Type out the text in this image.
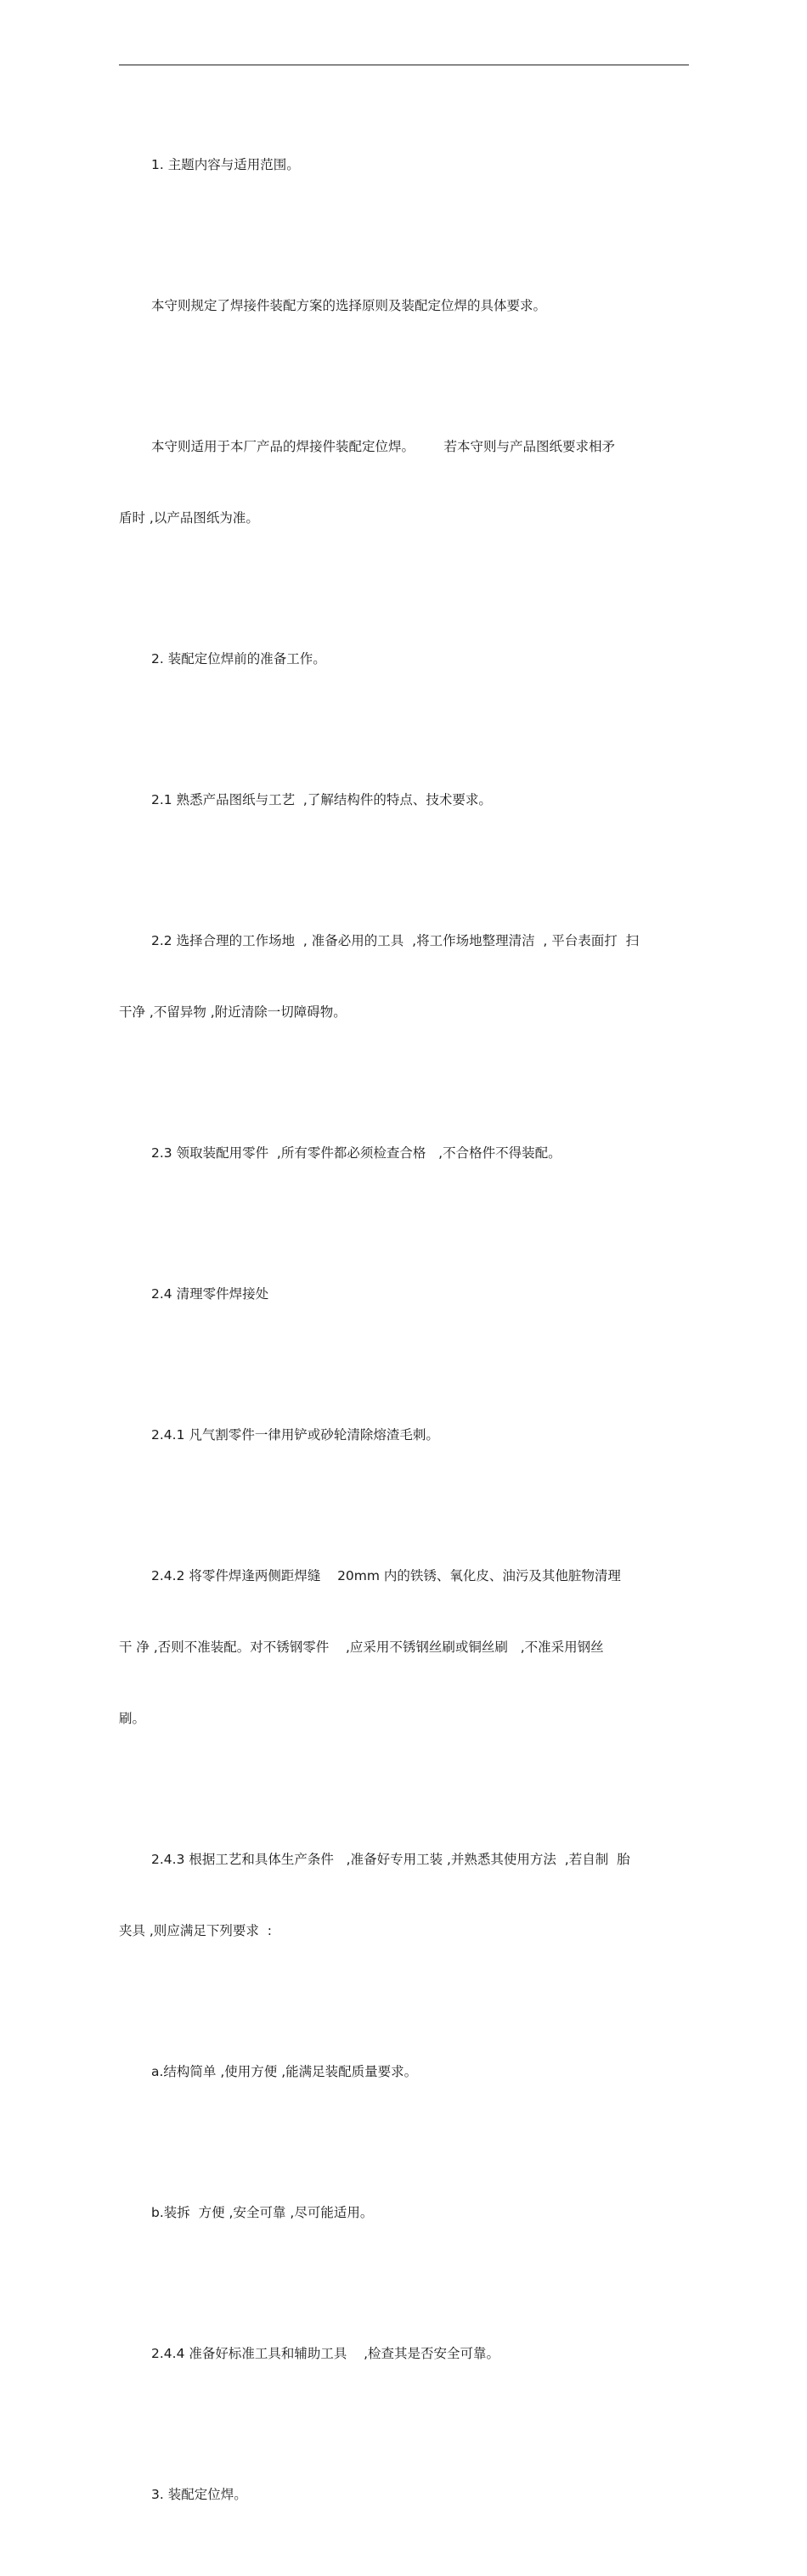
1. 主题内容与适用范围。

本守则规定了焊接件装配方案的选择原则及装配定位焊的具体要求。

本守则适用于本厂产品的焊接件装配定位焊。       若本守则与产品图纸要求相矛

盾时 ,以产品图纸为准。

2. 装配定位焊前的准备工作。

2.1 熟悉产品图纸与工艺  ,了解结构件的特点、技术要求。

2.2 选择合理的工作场地  , 准备必用的工具  ,将工作场地整理清洁  , 平台表面打  扫

干净 ,不留异物 ,附近清除一切障碍物。

2.3 领取装配用零件  ,所有零件都必须检查合格   ,不合格件不得装配。

2.4 清理零件焊接处

2.4.1 凡气割零件一律用铲或砂轮清除熔渣毛刺。

2.4.2 将零件焊逢两侧距焊缝    20mm 内的铁锈、氧化皮、油污及其他脏物清理

干 净 ,否则不准装配。对不锈钢零件    ,应采用不锈钢丝刷或铜丝刷   ,不准采用钢丝

刷。

2.4.3 根据工艺和具体生产条件   ,准备好专用工装 ,并熟悉其使用方法  ,若自制  胎

夹具 ,则应满足下列要求  :

a.结构简单 ,使用方便 ,能满足装配质量要求。

b.装拆  方便 ,安全可靠 ,尽可能适用。

2.4.4 准备好标准工具和辅助工具    ,检查其是否安全可靠。

3. 装配定位焊。
